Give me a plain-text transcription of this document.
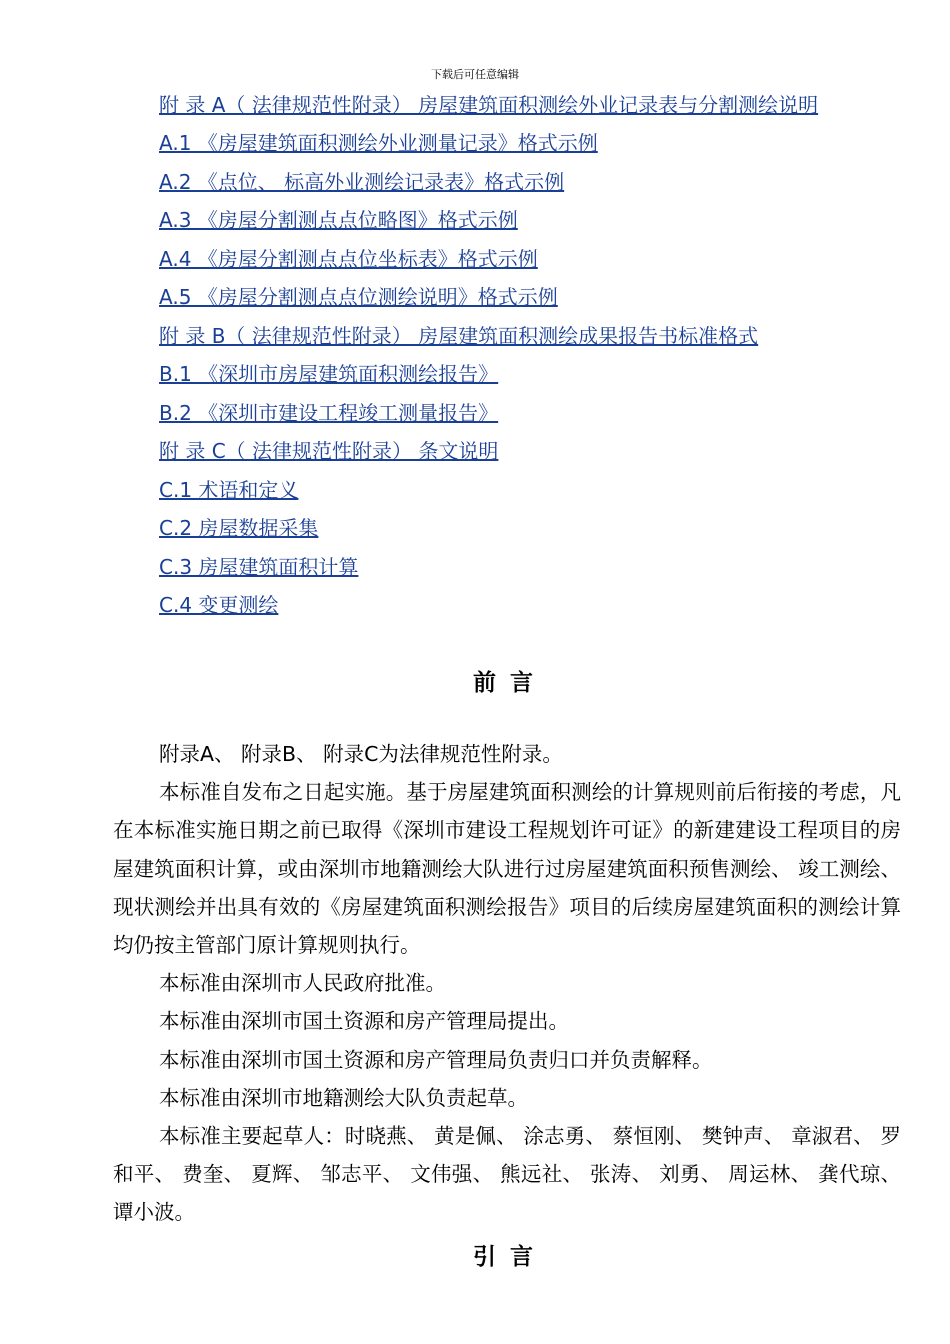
下载后可任意编辑
附 录 A（ 法律规范性附录） 房屋建筑面积测绘外业记录表与分割测绘说明
A.1 《房屋建筑面积测绘外业测量记录》格式示例
A.2 《点位、 标高外业测绘记录表》格式示例
A.3 《房屋分割测点点位略图》格式示例
A.4 《房屋分割测点点位坐标表》格式示例
A.5 《房屋分割测点点位测绘说明》格式示例
附 录 B（ 法律规范性附录） 房屋建筑面积测绘成果报告书标准格式
B.1 《深圳市房屋建筑面积测绘报告》
B.2 《深圳市建设工程竣工测量报告》
附 录 C（ 法律规范性附录） 条文说明
C.1 术语和定义
C.2 房屋数据采集
C.3 房屋建筑面积计算
C.4 变更测绘
前言

附录A、 附录B、 附录C为法律规范性附录。

本标准自发布之日起实施。基于房屋建筑面积测绘的计算规则前后衔接的考虑，凡在本标准实施日期之前已取得《深圳市建设工程规划许可证》的新建建设工程项目的房屋建筑面积计算，或由深圳市地籍测绘大队进行过房屋建筑面积预售测绘、 竣工测绘、 现状测绘并出具有效的《房屋建筑面积测绘报告》项目的后续房屋建筑面积的测绘计算均仍按主管部门原计算规则执行。

本标准由深圳市人民政府批准。

本标准由深圳市国土资源和房产管理局提出。

本标准由深圳市国土资源和房产管理局负责归口并负责解释。

本标准由深圳市地籍测绘大队负责起草。

本标准主要起草人：时晓燕、 黄是佩、 涂志勇、 蔡恒刚、 樊钟声、 章淑君、 罗和平、 费奎、 夏辉、 邹志平、 文伟强、 熊远社、 张涛、 刘勇、 周运林、 龚代琼、 谭小波。

引言
